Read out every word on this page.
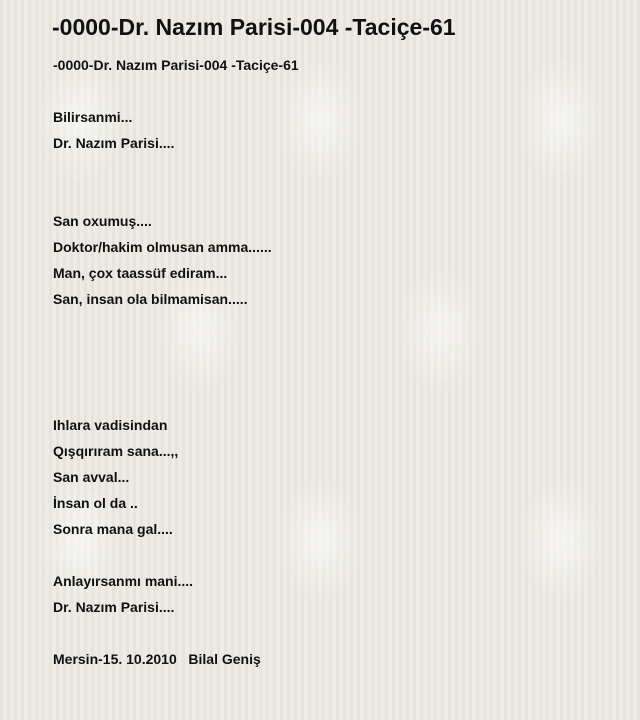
-0000-Dr. Nazım Parisi-004 -Taciçe-61
-0000-Dr. Nazım Parisi-004 -Taciçe-61
Bilirsanmi...
Dr. Nazım Parisi....
San oxumuş....
Doktor/hakim olmusan amma......
Man, çox taassüf ediram...
San, insan ola bilmamisan.....
Ihlara vadisindan
Qışqırıram sana...,,
San avval...
İnsan ol da ..
Sonra mana gal....
Anlayırsanmı mani....
Dr. Nazım Parisi....
Mersin-15. 10.2010   Bilal Geniş
